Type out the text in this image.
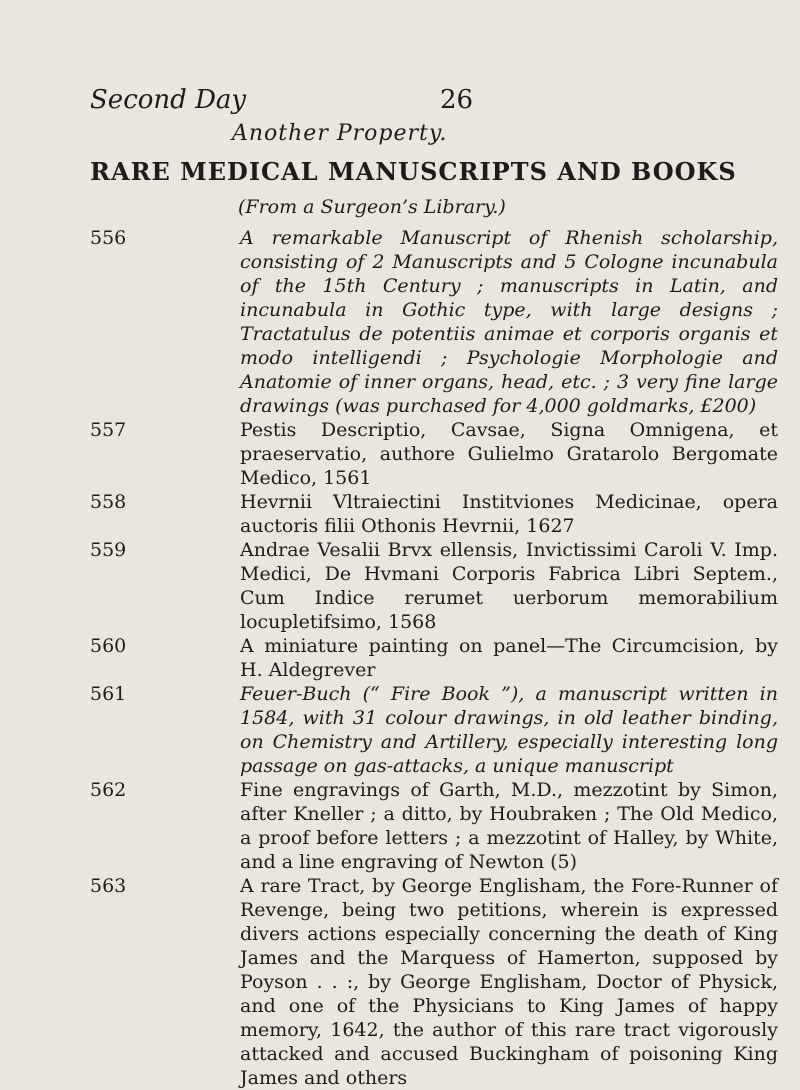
Second Day	26
Another Property.
RARE MEDICAL MANUSCRIPTS AND BOOKS
(From a Surgeon’s Library.)
556	A remarkable Manuscript of Rhenish scholarship, consisting of 2 Manuscripts and 5 Cologne incunabula of the 15th Century ; manuscripts in Latin, and incunabula in Gothic type, with large designs ; Tractatulus de potentiis animae et corporis organis et modo intelligendi ; Psychologie Morphologie and Anatomie of inner organs, head, etc. ; 3 very fine large drawings (was purchased for 4,000 goldmarks, £200)
557	Pestis Descriptio, Cavsae, Signa Omnigena, et praeservatio, authore Gulielmo Gratarolo Bergomate Medico, 1561
558	Hevrnii Vltraiectini Institviones Medicinae, opera auctoris filii Othonis Hevrnii, 1627
559	Andrae Vesalii Brvx ellensis, Invictissimi Caroli V. Imp. Medici, De Hvmani Corporis Fabrica Libri Septem., Cum Indice rerumet uerborum memorabilium locupletifsimo, 1568
560	A miniature painting on panel—The Circumcision, by H. Aldegrever
561	Feuer-Buch (“ Fire Book ”), a manuscript written in 1584, with 31 colour drawings, in old leather binding, on Chemistry and Artillery, especially interesting long passage on gas-attacks, a unique manuscript
562	Fine engravings of Garth, M.D., mezzotint by Simon, after Kneller ; a ditto, by Houbraken ; The Old Medico, a proof before letters ; a mezzotint of Halley, by White, and a line engraving of Newton (5)
563	A rare Tract, by George Englisham, the Fore-Runner of Revenge, being two petitions, wherein is expressed divers actions especially concerning the death of King James and the Marquess of Hamerton, supposed by Poyson . . :, by George Englisham, Doctor of Physick, and one of the Physicians to King James of happy memory, 1642, the author of this rare tract vigorously attacked and accused Buckingham of poisoning King James and others
